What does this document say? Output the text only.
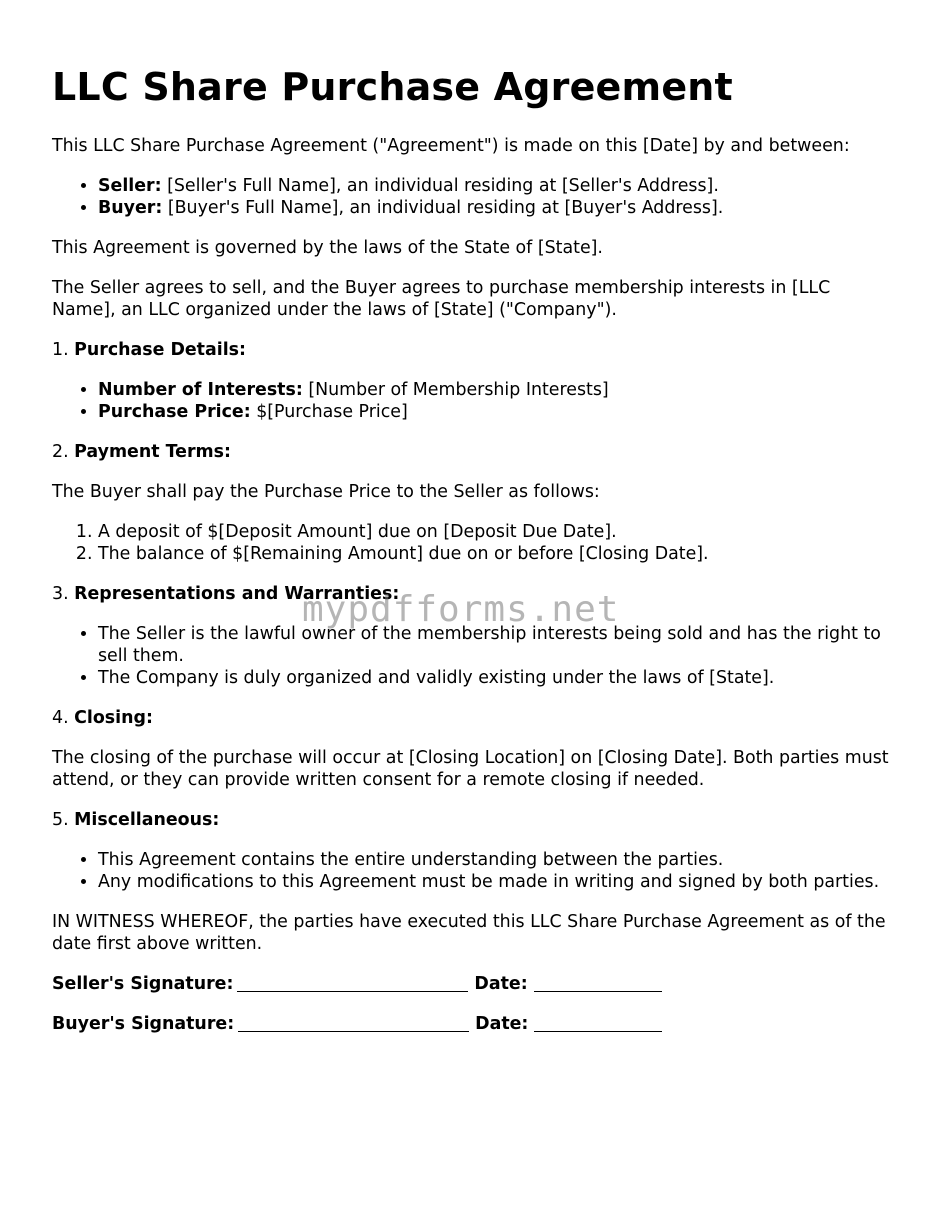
LLC Share Purchase Agreement

This LLC Share Purchase Agreement ("Agreement") is made on this [Date] by and between:

• Seller: [Seller's Full Name], an individual residing at [Seller's Address].
• Buyer: [Buyer's Full Name], an individual residing at [Buyer's Address].

This Agreement is governed by the laws of the State of [State].

The Seller agrees to sell, and the Buyer agrees to purchase membership interests in [LLC Name], an LLC organized under the laws of [State] ("Company").

1. Purchase Details:

• Number of Interests: [Number of Membership Interests]
• Purchase Price: $[Purchase Price]

2. Payment Terms:

The Buyer shall pay the Purchase Price to the Seller as follows:

1. A deposit of $[Deposit Amount] due on [Deposit Due Date].
2. The balance of $[Remaining Amount] due on or before [Closing Date].

3. Representations and Warranties:

• The Seller is the lawful owner of the membership interests being sold and has the right to sell them.
• The Company is duly organized and validly existing under the laws of [State].

4. Closing:

The closing of the purchase will occur at [Closing Location] on [Closing Date]. Both parties must attend, or they can provide written consent for a remote closing if needed.

5. Miscellaneous:

• This Agreement contains the entire understanding between the parties.
• Any modifications to this Agreement must be made in writing and signed by both parties.

IN WITNESS WHEREOF, the parties have executed this LLC Share Purchase Agreement as of the date first above written.

Seller's Signature:	Date:
Buyer's Signature:	Date:
mypdfforms.net
